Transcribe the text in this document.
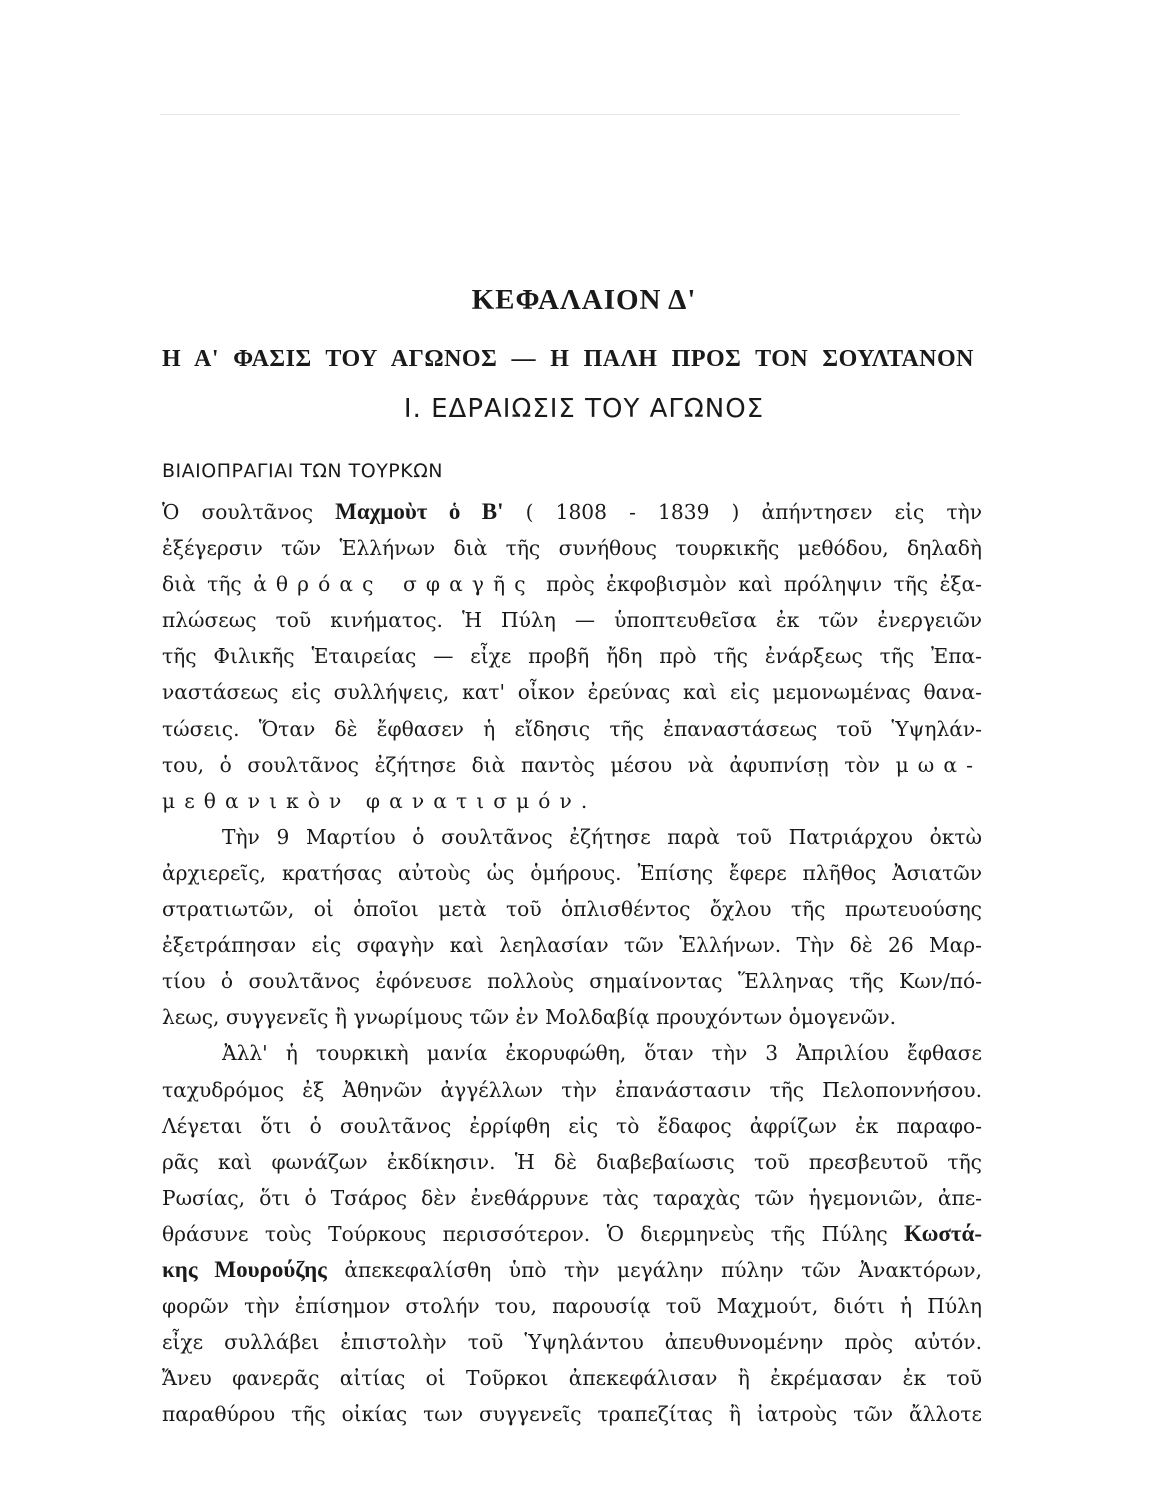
ΚΕΦΑΛΑΙΟΝ Δ'
Η Α' ΦΑΣΙΣ ΤΟΥ ΑΓΩΝΟΣ — Η ΠΑΛΗ ΠΡΟΣ ΤΟΝ ΣΟΥΛΤΑΝΟΝ
Ι. ΕΔΡΑΙΩΣΙΣ ΤΟΥ ΑΓΩΝΟΣ
ΒΙΑΙΟΠΡΑΓΙΑΙ ΤΩΝ ΤΟΥΡΚΩΝ
Ὁ σουλτᾶνος Μαχμοὺτ ὁ Β' ( 1808 - 1839 ) ἀπήντησεν εἰς τὴν
ἐξέγερσιν τῶν Ἑλλήνων διὰ τῆς συνήθους τουρκικῆς μεθόδου, δηλαδὴ
διὰ τῆς ἀθρόας σφαγῆς πρὸς ἐκφοβισμὸν καὶ πρόληψιν τῆς ἐξα-
πλώσεως τοῦ κινήματος. Ἡ Πύλη — ὑποπτευθεῖσα ἐκ τῶν ἐνεργειῶν
τῆς Φιλικῆς Ἑταιρείας — εἶχε προβῆ ἤδη πρὸ τῆς ἐνάρξεως τῆς Ἐπα-
ναστάσεως εἰς συλλήψεις, κατ' οἶκον ἐρεύνας καὶ εἰς μεμονωμένας θανα-
τώσεις. Ὅταν δὲ ἔφθασεν ἡ εἴδησις τῆς ἐπαναστάσεως τοῦ Ὑψηλάν-
του, ὁ σουλτᾶνος ἐζήτησε διὰ παντὸς μέσου νὰ ἀφυπνίσῃ τὸν μωα-
μεθανικὸν φανατισμόν.
Τὴν 9 Μαρτίου ὁ σουλτᾶνος ἐζήτησε παρὰ τοῦ Πατριάρχου ὀκτὼ
ἀρχιερεῖς, κρατήσας αὐτοὺς ὡς ὁμήρους. Ἐπίσης ἔφερε πλῆθος Ἀσιατῶν
στρατιωτῶν, οἱ ὁποῖοι μετὰ τοῦ ὁπλισθέντος ὄχλου τῆς πρωτευούσης
ἐξετράπησαν εἰς σφαγὴν καὶ λεηλασίαν τῶν Ἑλλήνων. Τὴν δὲ 26 Μαρ-
τίου ὁ σουλτᾶνος ἐφόνευσε πολλοὺς σημαίνοντας Ἕλληνας τῆς Κων/πό-
λεως, συγγενεῖς ἢ γνωρίμους τῶν ἐν Μολδαβίᾳ προυχόντων ὁμογενῶν.
Ἀλλ' ἡ τουρκικὴ μανία ἐκορυφώθη, ὅταν τὴν 3 Ἀπριλίου ἔφθασε
ταχυδρόμος ἐξ Ἀθηνῶν ἀγγέλλων τὴν ἐπανάστασιν τῆς Πελοποννήσου.
Λέγεται ὅτι ὁ σουλτᾶνος ἐρρίφθη εἰς τὸ ἔδαφος ἀφρίζων ἐκ παραφο-
ρᾶς καὶ φωνάζων ἐκδίκησιν. Ἡ δὲ διαβεβαίωσις τοῦ πρεσβευτοῦ τῆς
Ρωσίας, ὅτι ὁ Τσάρος δὲν ἐνεθάρρυνε τὰς ταραχὰς τῶν ἡγεμονιῶν, ἀπε-
θράσυνε τοὺς Τούρκους περισσότερον. Ὁ διερμηνεὺς τῆς Πύλης Κωστά-
κης Μουρούζης ἀπεκεφαλίσθη ὑπὸ τὴν μεγάλην πύλην τῶν Ἀνακτόρων,
φορῶν τὴν ἐπίσημον στολήν του, παρουσίᾳ τοῦ Μαχμούτ, διότι ἡ Πύλη
εἶχε συλλάβει ἐπιστολὴν τοῦ Ὑψηλάντου ἀπευθυνομένην πρὸς αὐτόν.
Ἄνευ φανερᾶς αἰτίας οἱ Τοῦρκοι ἀπεκεφάλισαν ἢ ἐκρέμασαν ἐκ τοῦ
παραθύρου τῆς οἰκίας των συγγενεῖς τραπεζίτας ἢ ἰατροὺς τῶν ἄλλοτε
